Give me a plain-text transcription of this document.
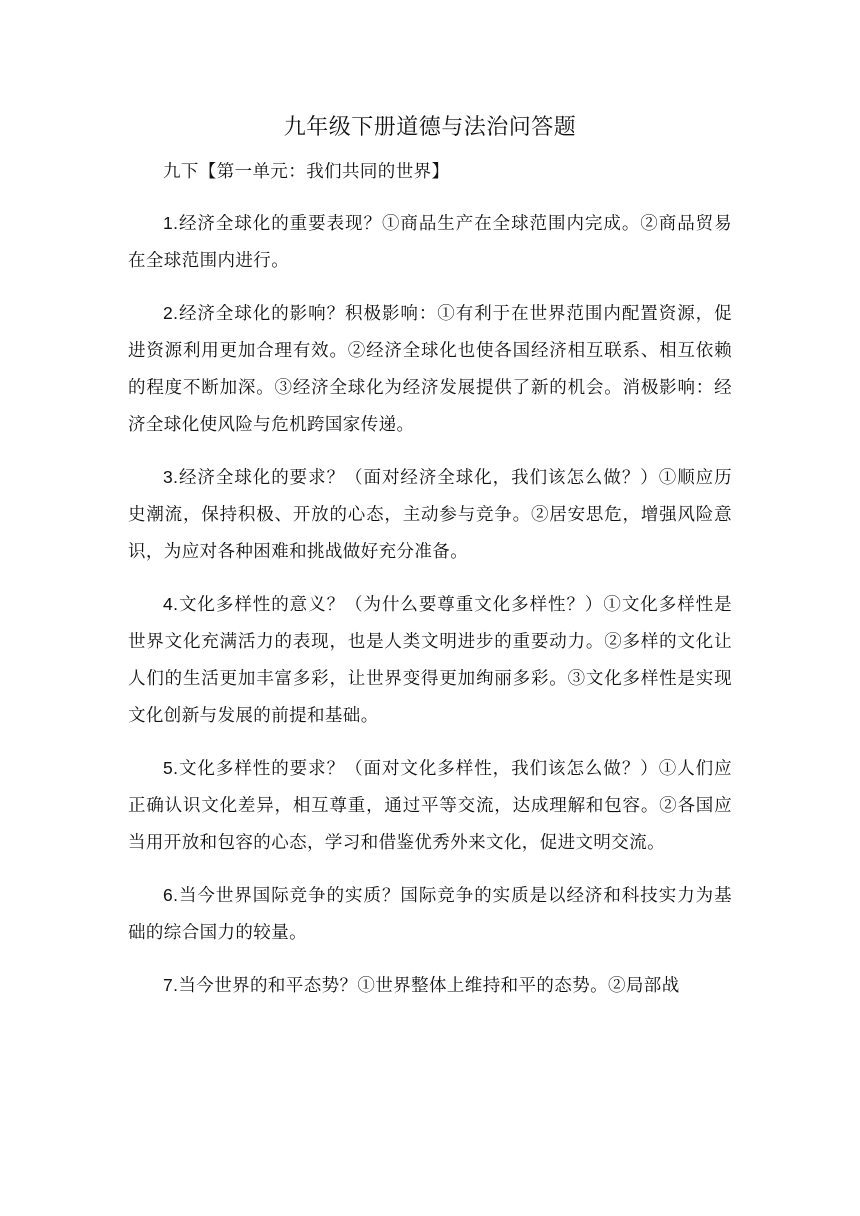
九年级下册道德与法治问答题

九下【第一单元：我们共同的世界】

1.经济全球化的重要表现？①商品生产在全球范围内完成。②商品贸易在全球范围内进行。

2.经济全球化的影响？积极影响：①有利于在世界范围内配置资源，促进资源利用更加合理有效。②经济全球化也使各国经济相互联系、相互依赖的程度不断加深。③经济全球化为经济发展提供了新的机会。消极影响：经济全球化使风险与危机跨国家传递。

3.经济全球化的要求？（面对经济全球化，我们该怎么做？）①顺应历史潮流，保持积极、开放的心态，主动参与竞争。②居安思危，增强风险意识，为应对各种困难和挑战做好充分准备。

4.文化多样性的意义？（为什么要尊重文化多样性？）①文化多样性是世界文化充满活力的表现，也是人类文明进步的重要动力。②多样的文化让人们的生活更加丰富多彩，让世界变得更加绚丽多彩。③文化多样性是实现文化创新与发展的前提和基础。

5.文化多样性的要求？（面对文化多样性，我们该怎么做？）①人们应正确认识文化差异，相互尊重，通过平等交流，达成理解和包容。②各国应当用开放和包容的心态，学习和借鉴优秀外来文化，促进文明交流。

6.当今世界国际竞争的实质？国际竞争的实质是以经济和科技实力为基础的综合国力的较量。

7.当今世界的和平态势？①世界整体上维持和平的态势。②局部战
